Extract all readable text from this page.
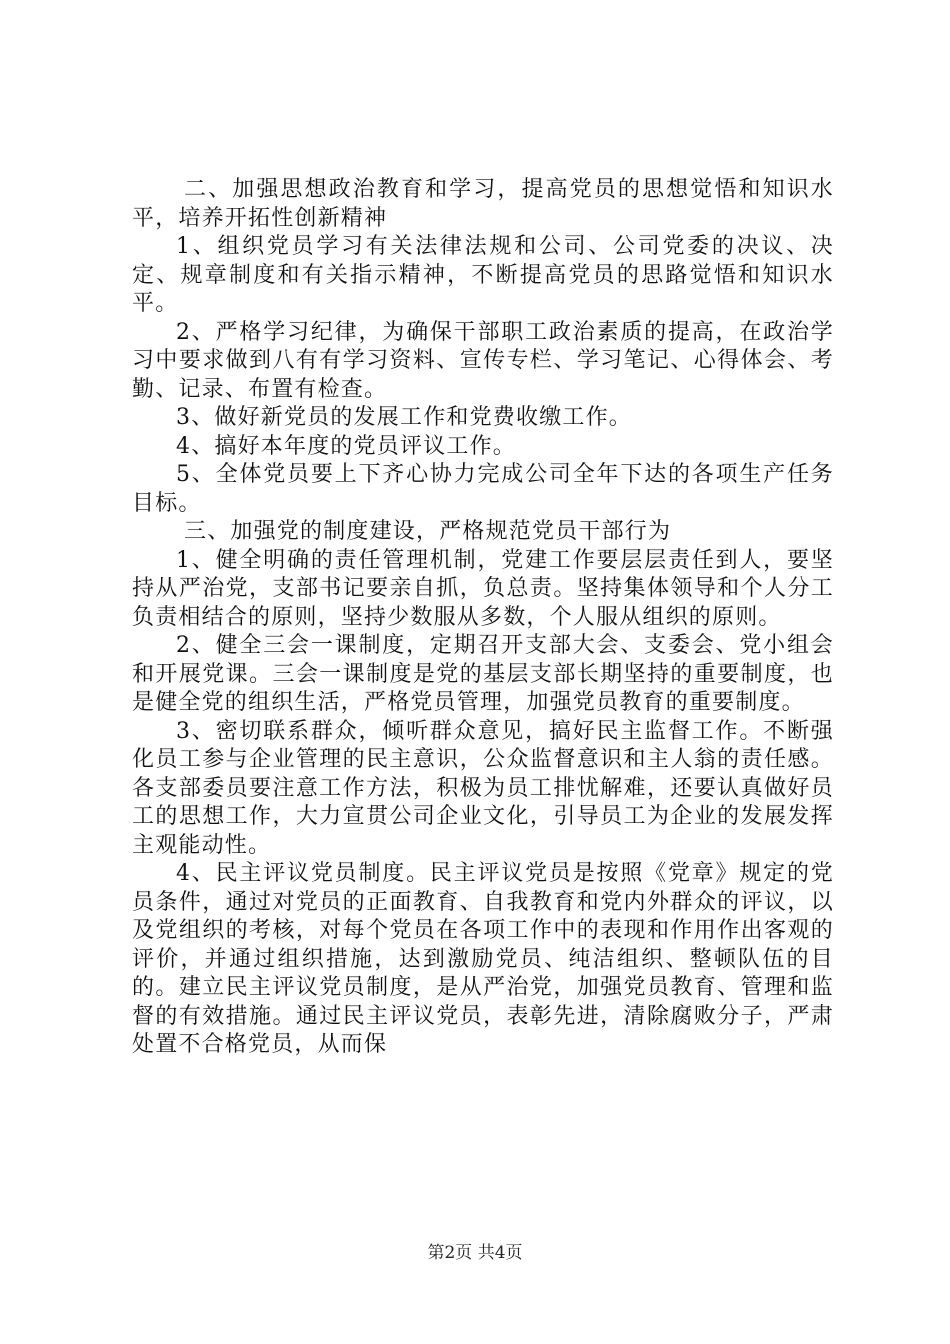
二、加强思想政治教育和学习，提高党员的思想觉悟和知识水平，培养开拓性创新精神

1、组织党员学习有关法律法规和公司、公司党委的决议、决定、规章制度和有关指示精神，不断提高党员的思路觉悟和知识水平。

2、严格学习纪律，为确保干部职工政治素质的提高，在政治学习中要求做到八有有学习资料、宣传专栏、学习笔记、心得体会、考勤、记录、布置有检查。

3、做好新党员的发展工作和党费收缴工作。

4、搞好本年度的党员评议工作。

5、全体党员要上下齐心协力完成公司全年下达的各项生产任务目标。

三、加强党的制度建设，严格规范党员干部行为

1、健全明确的责任管理机制，党建工作要层层责任到人，要坚持从严治党，支部书记要亲自抓，负总责。坚持集体领导和个人分工负责相结合的原则，坚持少数服从多数，个人服从组织的原则。

2、健全三会一课制度，定期召开支部大会、支委会、党小组会和开展党课。三会一课制度是党的基层支部长期坚持的重要制度，也是健全党的组织生活，严格党员管理，加强党员教育的重要制度。

3、密切联系群众，倾听群众意见，搞好民主监督工作。不断强化员工参与企业管理的民主意识，公众监督意识和主人翁的责任感。各支部委员要注意工作方法，积极为员工排忧解难，还要认真做好员工的思想工作，大力宣贯公司企业文化，引导员工为企业的发展发挥主观能动性。

4、民主评议党员制度。民主评议党员是按照《党章》规定的党员条件，通过对党员的正面教育、自我教育和党内外群众的评议，以及党组织的考核，对每个党员在各项工作中的表现和作用作出客观的评价，并通过组织措施，达到激励党员、纯洁组织、整顿队伍的目的。建立民主评议党员制度，是从严治党，加强党员教育、管理和监督的有效措施。通过民主评议党员，表彰先进，清除腐败分子，严肃处置不合格党员，从而保

第2页 共4页
